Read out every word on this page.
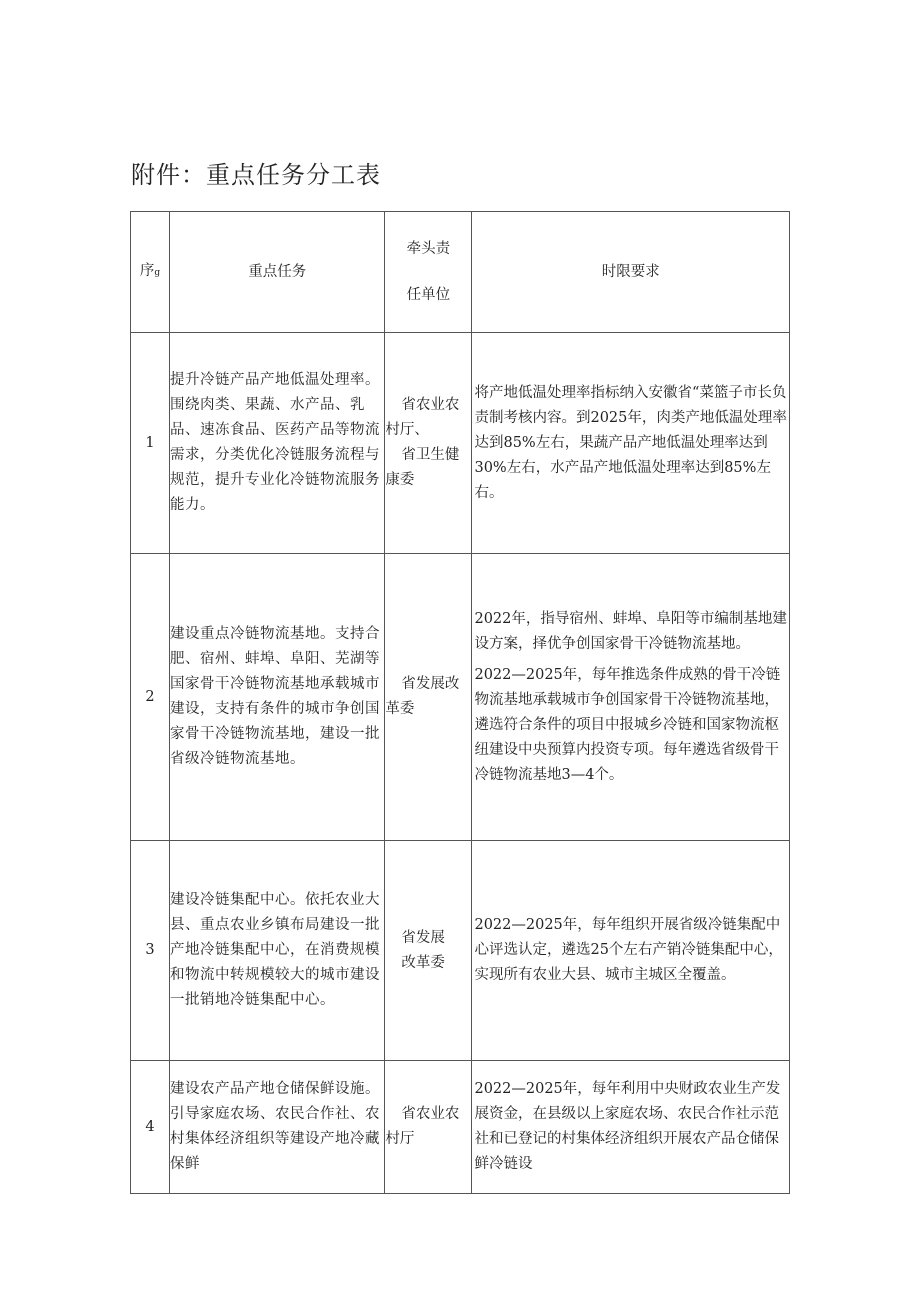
附件：重点任务分工表
序g	重点任务	牵头责
任单位	时限要求
1	提升冷链产品产地低温处理率。围绕肉类、果蔬、水产品、乳品、速冻食品、医药产品等物流需求，分类优化冷链服务流程与规范，提升专业化冷链物流服务能力。	省农业农村厅、
省卫生健康委	将产地低温处理率指标纳入安徽省“菜篮子市长负责制考核内容。到2025年，肉类产地低温处理率达到85%左右，果蔬产品产地低温处理率达到30%左右，水产品产地低温处理率达到85%左右。

2	建设重点冷链物流基地。支持合肥、宿州、蚌埠、阜阳、芜湖等国家骨干冷链物流基地承载城市建设，支持有条件的城市争创国家骨干冷链物流基地，建设一批省级冷链物流基地。	省发展改革委	2022年，指导宿州、蚌埠、阜阳等市编制基地建设方案，择优争创国家骨干冷链物流基地。

2022—2025年，每年推选条件成熟的骨干冷链物流基地承载城市争创国家骨干冷链物流基地，遴选符合条件的项目中报城乡冷链和国家物流枢纽建设中央预算内投资专项。每年遴选省级骨干冷链物流基地3—4个。

3	建设冷链集配中心。依托农业大县、重点农业乡镇布局建设一批产地冷链集配中心，在消费规模和物流中转规模较大的城市建设一批销地冷链集配中心。	省发展
改革委	2022—2025年，每年组织开展省级冷链集配中心评选认定，遴选25个左右产销冷链集配中心，实现所有农业大县、城市主城区全覆盖。

4	建设农产品产地仓储保鲜设施。引导家庭农场、农民合作社、农村集体经济组织等建设产地冷藏保鲜	省农业农村厅	2022—2025年，每年利用中央财政农业生产发展资金，在县级以上家庭农场、农民合作社示范社和已登记的村集体经济组织开展农产品仓储保鲜冷链设
